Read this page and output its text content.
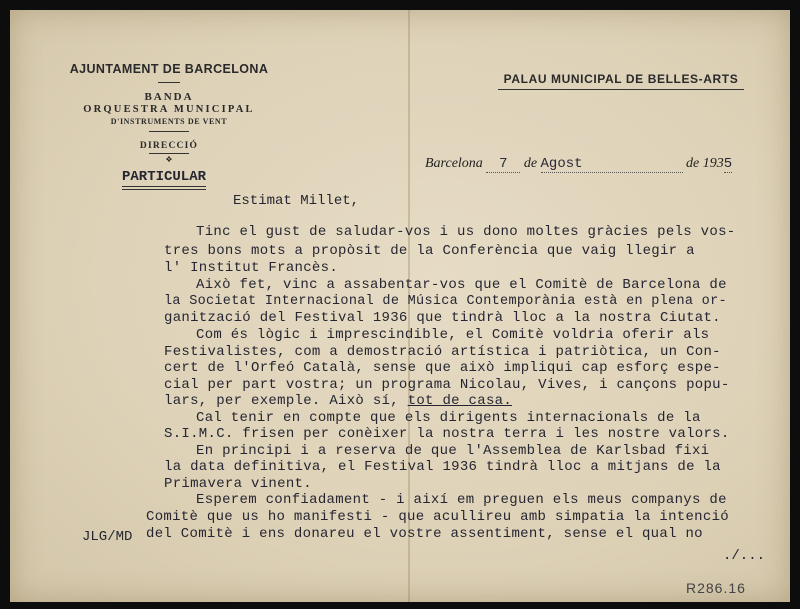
AJUNTAMENT DE BARCELONA
BANDA
ORQUESTRA MUNICIPAL
D'INSTRUMENTS DE VENT
DIRECCIÓ
❖
PALAU MUNICIPAL DE BELLES-ARTS
Barcelona 7 de Agost	de 1935
PARTICULAR
Estimat Millet,
Tinc el gust de saludar-vos i us dono moltes gràcies pels vos-
tres bons mots a propòsit de la Conferència que vaig llegir a
l' Institut Francès.
Això fet, vinc a assabentar-vos que el Comitè de Barcelona de
la Societat Internacional de Música Contemporània està en plena or-
ganització del Festival 1936 que tindrà lloc a la nostra Ciutat.
Com és lògic i imprescindible, el Comitè voldria oferir als
Festivalistes, com a demostració artística i patriòtica, un Con-
cert de l'Orfeó Català, sense que això impliqui cap esforç espe-
cial per part vostra; un programa Nicolau, Vives, i cançons popu-
lars, per exemple. Això sí, tot de casa.
Cal tenir en compte que els dirigents internacionals de la
S.I.M.C. frisen per conèixer la nostra terra i les nostre valors.
En principi i a reserva de que l'Assemblea de Karlsbad fixi
la data definitiva, el Festival 1936 tindrà lloc a mitjans de la
Primavera vinent.
Esperem confiadament - i així em preguen els meus companys de
Comitè que us ho manifesti - que acullireu amb simpatia la intenció
del Comitè i ens donareu el vostre assentiment, sense el qual no
JLG/MD
./...
R286.16
